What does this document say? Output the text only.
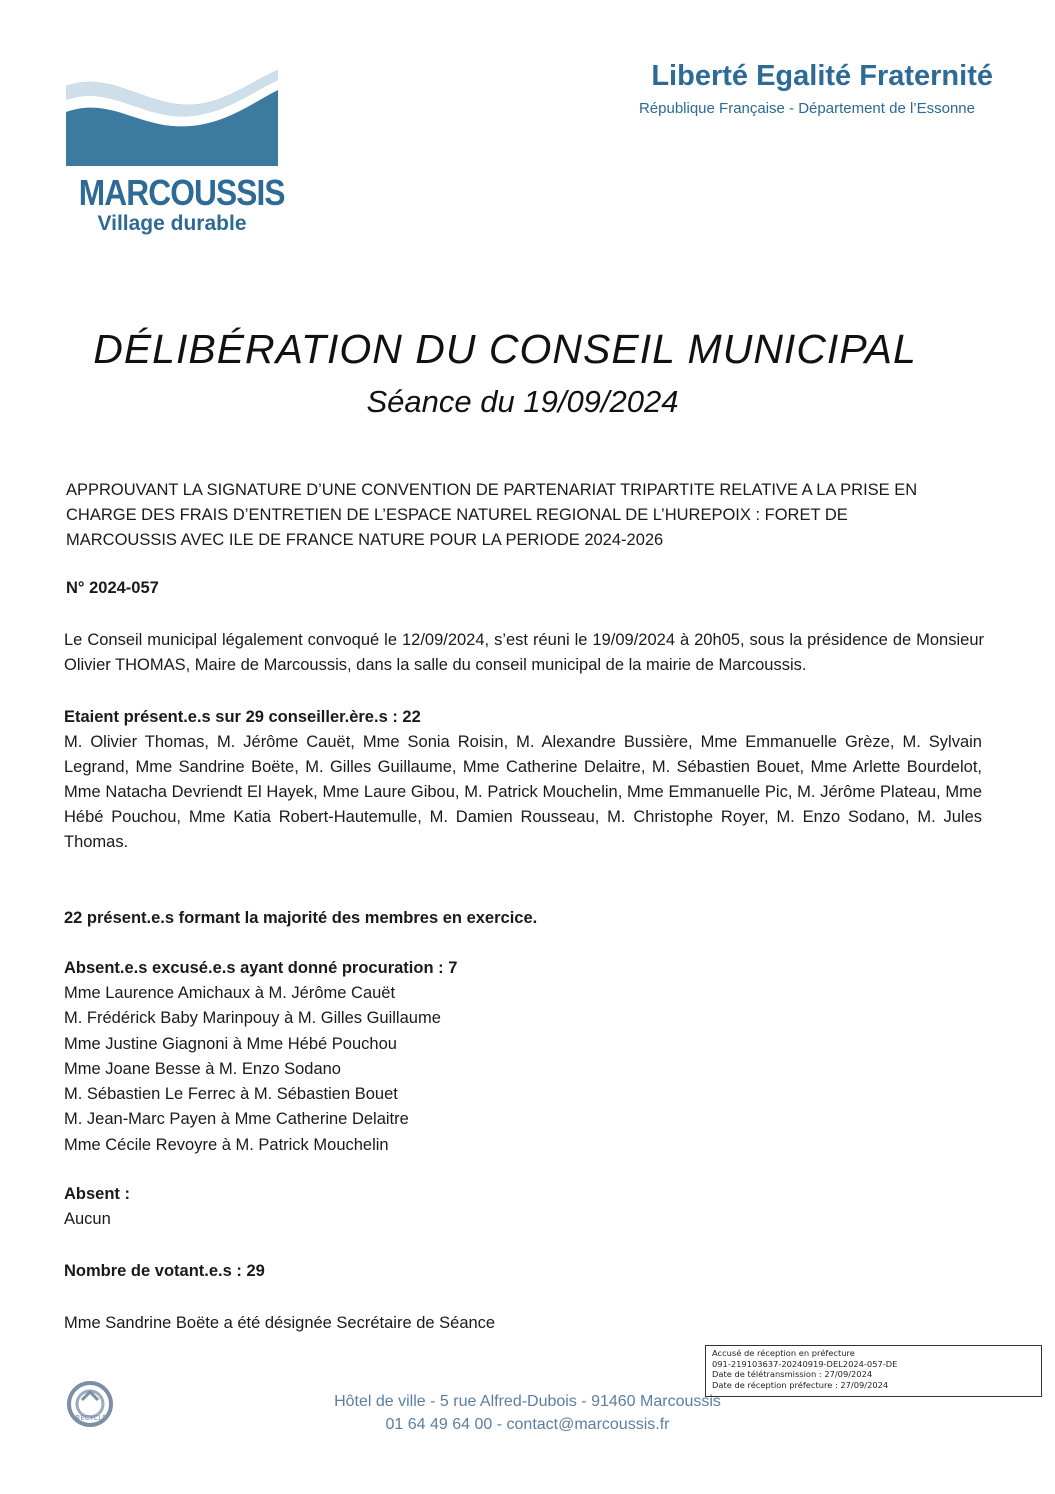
MARCOUSSIS
Village durable
Liberté Egalité Fraternité
République Française - Département de l’Essonne
DÉLIBÉRATION DU CONSEIL MUNICIPAL
Séance du 19/09/2024
APPROUVANT LA SIGNATURE D’UNE CONVENTION DE PARTENARIAT TRIPARTITE RELATIVE A LA PRISE EN CHARGE DES FRAIS D’ENTRETIEN DE L’ESPACE NATUREL REGIONAL DE L’HUREPOIX : FORET DE MARCOUSSIS AVEC ILE DE FRANCE NATURE POUR LA PERIODE 2024-2026
N° 2024-057
Le Conseil municipal légalement convoqué le 12/09/2024, s’est réuni le 19/09/2024 à 20h05, sous la présidence de Monsieur Olivier THOMAS, Maire de Marcoussis, dans la salle du conseil municipal de la mairie de Marcoussis.
Etaient présent.e.s sur 29 conseiller.ère.s : 22
M. Olivier Thomas, M. Jérôme Cauët, Mme Sonia Roisin, M. Alexandre Bussière, Mme Emmanuelle Grèze, M. Sylvain Legrand, Mme Sandrine Boëte, M. Gilles Guillaume, Mme Catherine Delaitre, M. Sébastien Bouet, Mme Arlette Bourdelot, Mme Natacha Devriendt El Hayek, Mme Laure Gibou, M. Patrick Mouchelin, Mme Emmanuelle Pic, M. Jérôme Plateau, Mme Hébé Pouchou, Mme Katia Robert-Hautemulle, M. Damien Rousseau, M. Christophe Royer, M. Enzo Sodano, M. Jules Thomas.
22 présent.e.s formant la majorité des membres en exercice.
Absent.e.s excusé.e.s ayant donné procuration : 7
Mme Laurence Amichaux à M. Jérôme Cauët
M. Frédérick Baby Marinpouy à M. Gilles Guillaume
Mme Justine Giagnoni à Mme Hébé Pouchou
Mme Joane Besse à M. Enzo Sodano
M. Sébastien Le Ferrec à M. Sébastien Bouet
M. Jean-Marc Payen à Mme Catherine Delaitre
Mme Cécile Revoyre à M. Patrick Mouchelin
Absent :
Aucun
Nombre de votant.e.s : 29
Mme Sandrine Boëte a été désignée Secrétaire de Séance
Accusé de réception en préfecture
091-219103637-20240919-DEL2024-057-DE
Date de télétransmission : 27/09/2024
Date de réception préfecture : 27/09/2024
RECYCLÉ
Hôtel de ville - 5 rue Alfred-Dubois - 91460 Marcoussis
01 64 49 64 00 - contact@marcoussis.fr
